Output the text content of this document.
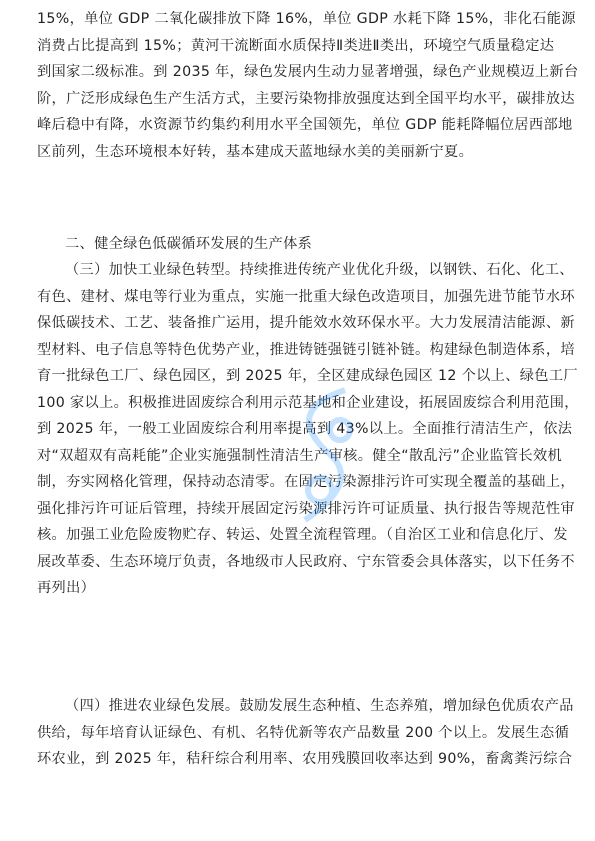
15%，单位 GDP 二氧化碳排放下降 16%，单位 GDP 水耗下降 15%，非化石能源
消费占比提高到 15%；黄河干流断面水质保持Ⅱ类进Ⅱ类出，环境空气质量稳定达
到国家二级标准。到 2035 年，绿色发展内生动力显著增强，绿色产业规模迈上新台
阶，广泛形成绿色生产生活方式，主要污染物排放强度达到全国平均水平，碳排放达
峰后稳中有降，水资源节约集约利用水平全国领先，单位 GDP 能耗降幅位居西部地
区前列，生态环境根本好转，基本建成天蓝地绿水美的美丽新宁夏。
二、健全绿色低碳循环发展的生产体系
（三）加快工业绿色转型。持续推进传统产业优化升级，以钢铁、石化、化工、
有色、建材、煤电等行业为重点，实施一批重大绿色改造项目，加强先进节能节水环
保低碳技术、工艺、装备推广运用，提升能效水效环保水平。大力发展清洁能源、新
型材料、电子信息等特色优势产业，推进铸链强链引链补链。构建绿色制造体系，培
育一批绿色工厂、绿色园区，到 2025 年，全区建成绿色园区 12 个以上、绿色工厂
100 家以上。积极推进固废综合利用示范基地和企业建设，拓展固废综合利用范围，
到 2025 年，一般工业固废综合利用率提高到 43%以上。全面推行清洁生产，依法
对“双超双有高耗能”企业实施强制性清洁生产审核。健全“散乱污”企业监管长效机
制，夯实网格化管理，保持动态清零。在固定污染源排污许可实现全覆盖的基础上，
强化排污许可证后管理，持续开展固定污染源排污许可证质量、执行报告等规范性审
核。加强工业危险废物贮存、转运、处置全流程管理。（自治区工业和信息化厅、发
展改革委、生态环境厅负责，各地级市人民政府、宁东管委会具体落实，以下任务不
再列出）
（四）推进农业绿色发展。鼓励发展生态种植、生态养殖，增加绿色优质农产品
供给，每年培育认证绿色、有机、名特优新等农产品数量 200 个以上。发展生态循
环农业，到 2025 年，秸秆综合利用率、农用残膜回收率达到 90%，畜禽粪污综合
